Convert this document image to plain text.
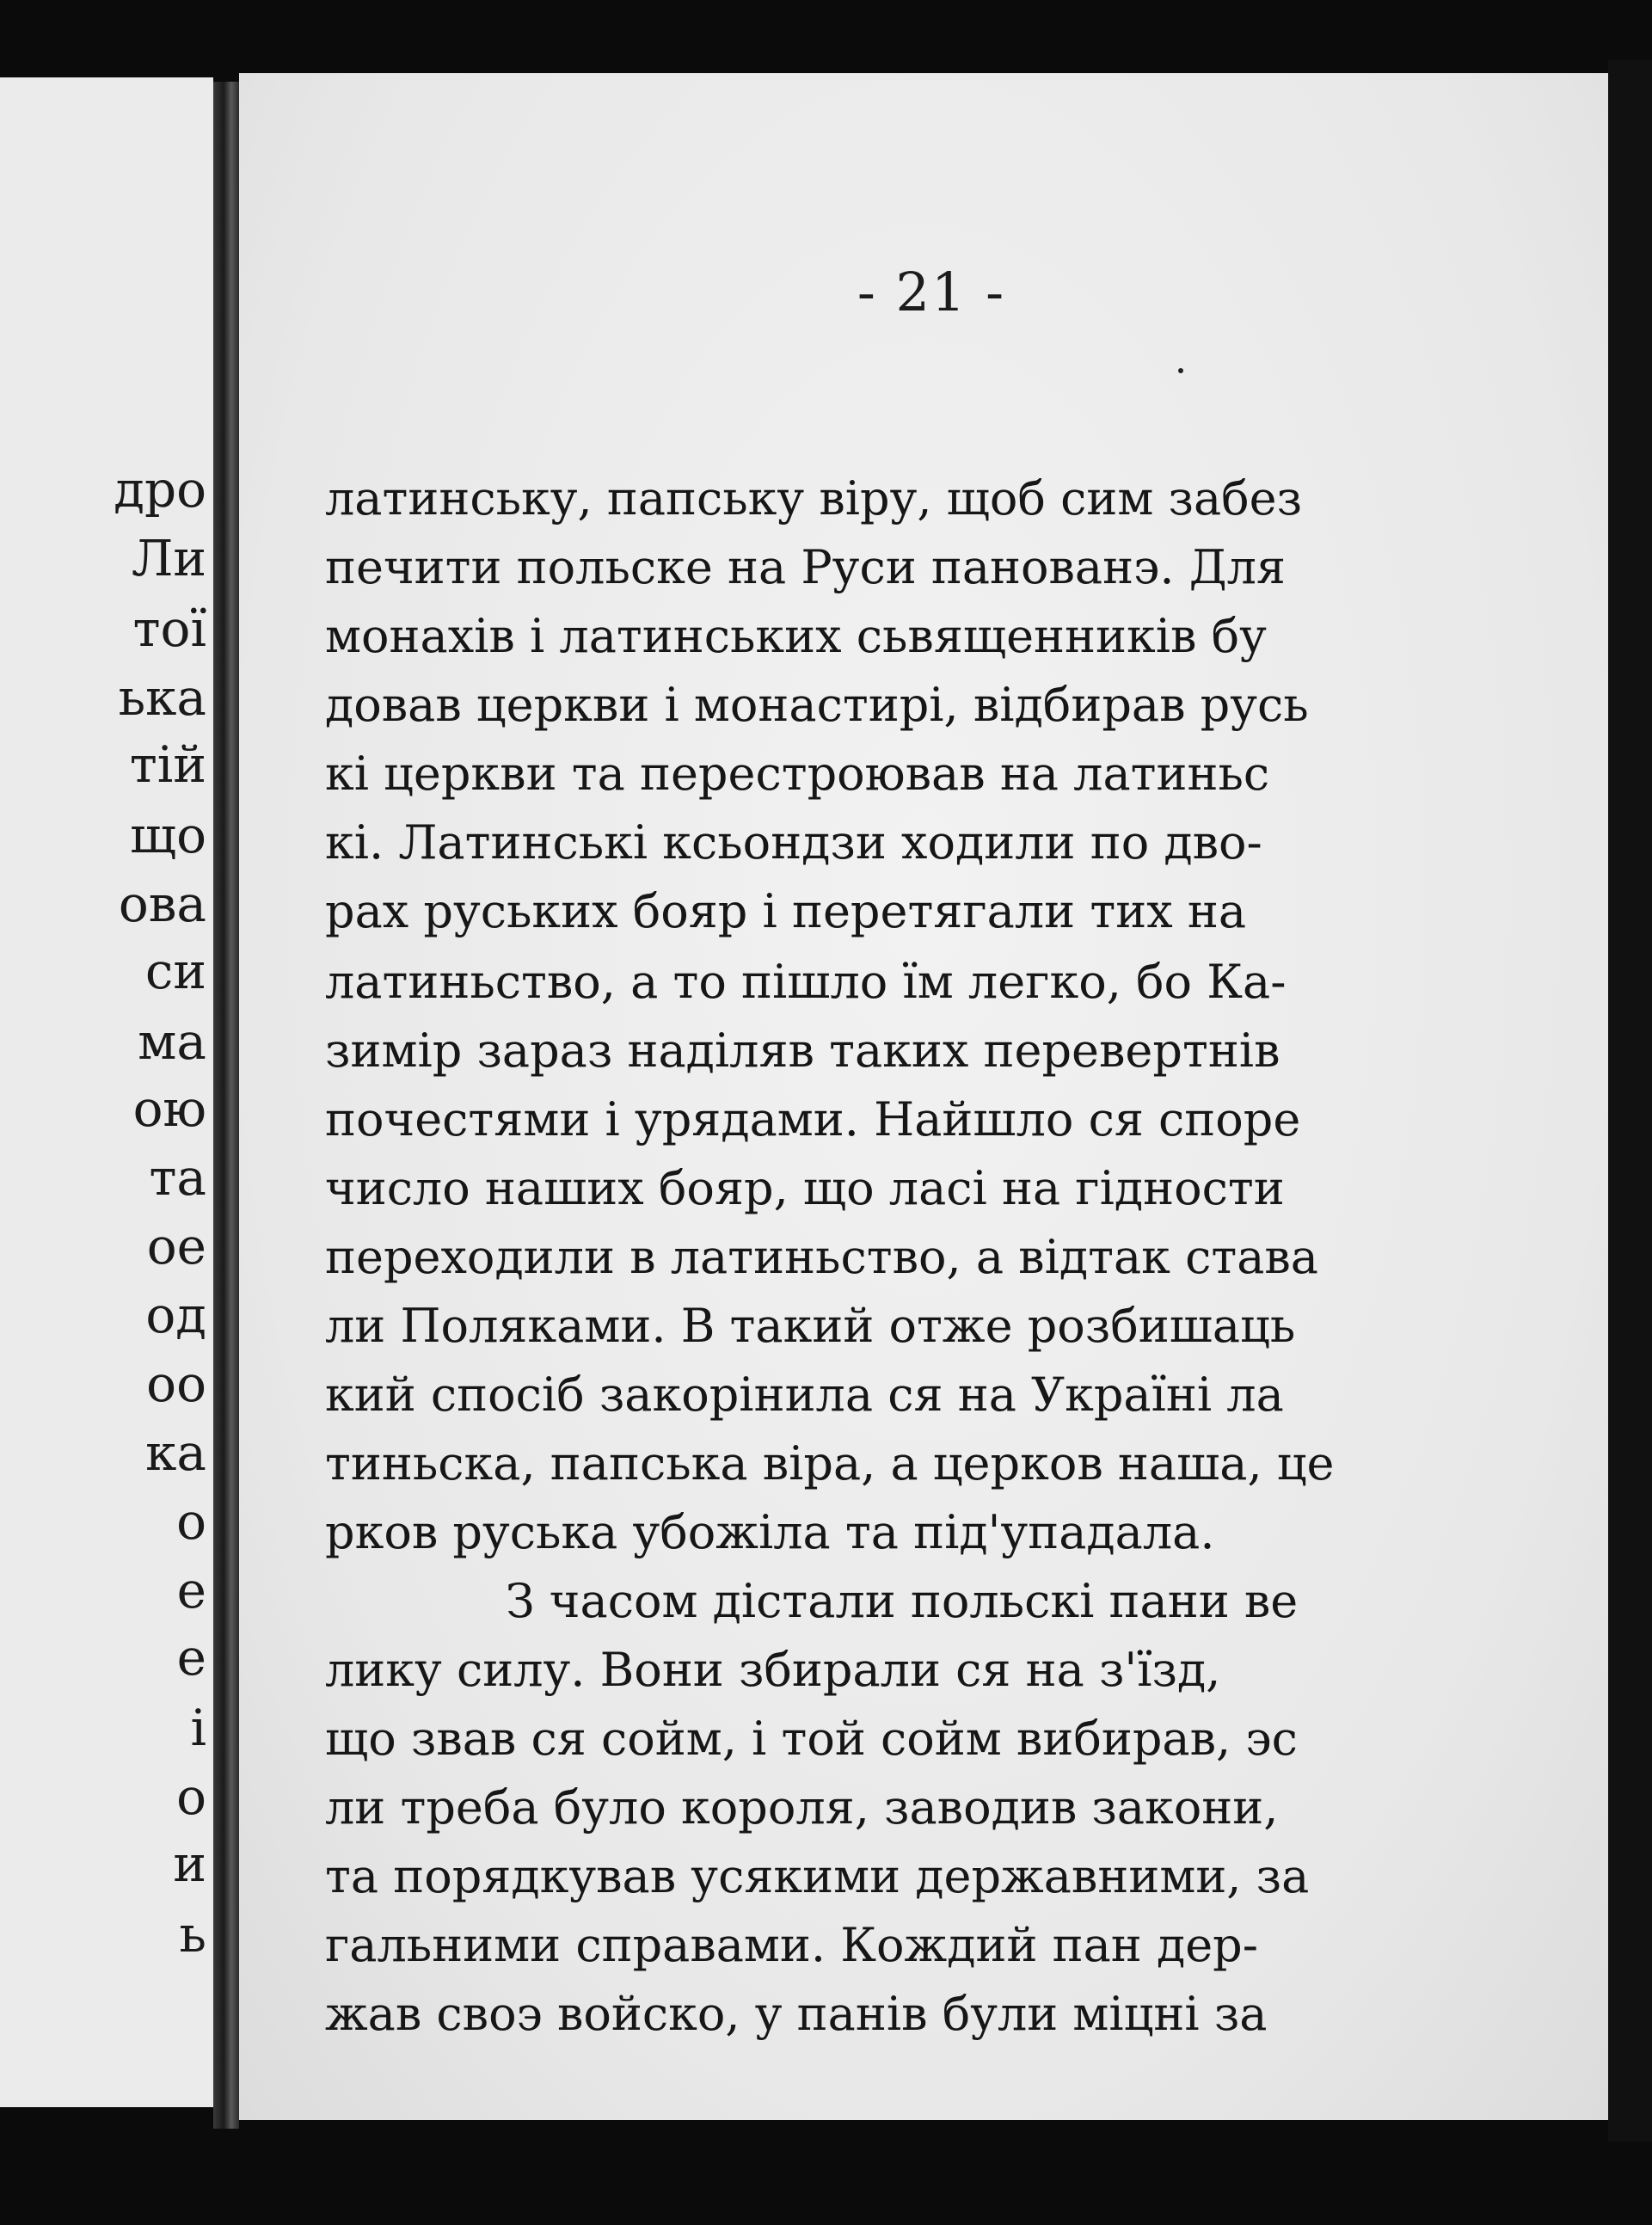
дро
Ли
тої
ька
тій
що
ова
си
ма
ою
та
ое
од
оо
ка
о
е
е
і
о
и
ь
- 21 -
латинську, папську віру, щоб сим забез
печити польске на Руси панованэ. Для
монахів і латинських сьвященників бу
довав церкви і монастирі, відбирав русь
кі церкви та перестроював на латиньс
кі. Латинські ксьондзи ходили по дво-
рах руських бояр і перетягали тих на
латиньство, а то пішло їм легко, бо Ка-
зимір зараз наділяв таких перевертнів
почестями і урядами. Найшло ся споре
число наших бояр, що ласі на гідности
переходили в латиньство, а відтак става
ли Поляками. В такий отже розбишаць
кий спосіб закорінила ся на Україні ла
тиньска, папська віра, а церков наша, це
рков руська убожіла та під'упадала.
З часом дістали польскі пани ве
лику силу. Вони збирали ся на з'їзд,
що звав ся сойм, і той сойм вибирав, эс
ли треба було короля, заводив закони,
та порядкував усякими державними, за
гальними справами. Кождий пан дер-
жав своэ войско, у панів були міцні за
